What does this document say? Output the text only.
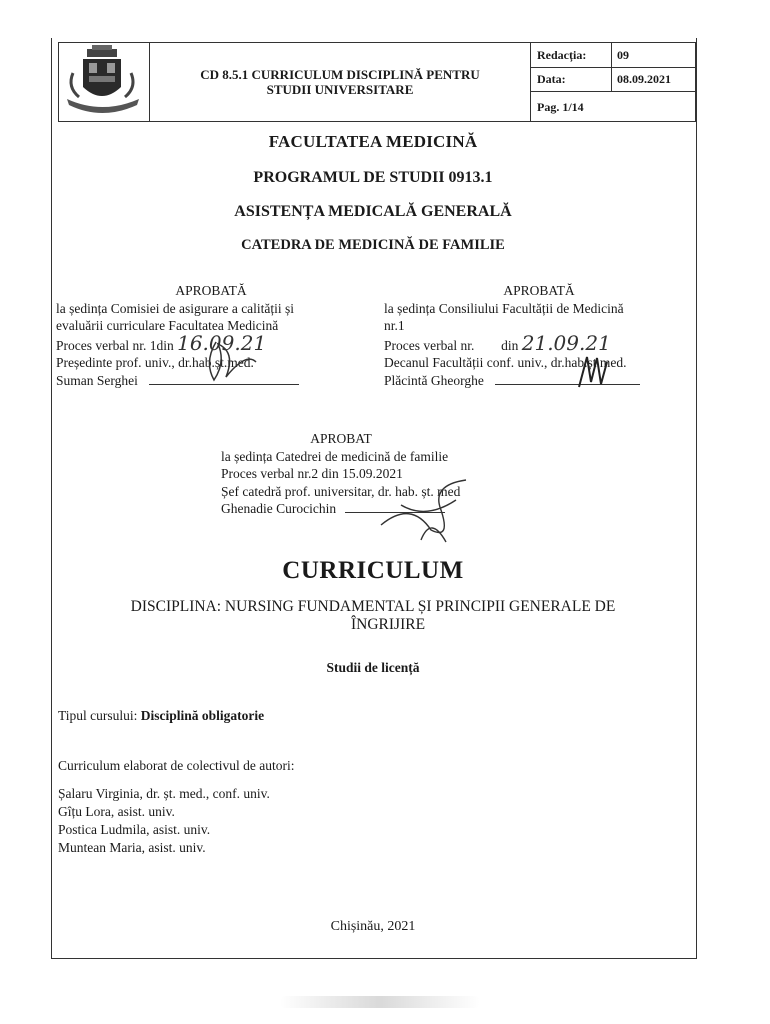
CD 8.5.1 CURRICULUM DISCIPLINĂ PENTRU
STUDII UNIVERSITARE
Redacția:	09
Data:	08.09.2021
Pag. 1/14
FACULTATEA MEDICINĂ
PROGRAMUL DE STUDII 0913.1
ASISTENȚA MEDICALĂ GENERALĂ
CATEDRA DE MEDICINĂ DE FAMILIE
APROBATĂ
la ședința Comisiei de asigurare a calității și
evaluării curriculare Facultatea Medicină
Proces verbal nr. 1din 16.09.21
Președinte prof. univ., dr.hab.șt.med.
Suman Serghei
APROBATĂ
la ședința Consiliului Facultății de Medicină
nr.1
Proces verbal nr. din 21.09.21
Decanul Facultății conf. univ., dr.hab.șt.med.
Plăcintă Gheorghe
APROBAT
la ședința Catedrei de medicină de familie
Proces verbal nr.2 din 15.09.2021
Șef catedră prof. universitar, dr. hab. șt. med
Ghenadie Curocichin
CURRICULUM
DISCIPLINA: NURSING FUNDAMENTAL ȘI PRINCIPII GENERALE DE
ÎNGRIJIRE
Studii de licență
Tipul cursului: Disciplină obligatorie
Curriculum elaborat de colectivul de autori:
Șalaru Virginia, dr. șt. med., conf. univ.
Gîțu Lora, asist. univ.
Postica Ludmila, asist. univ.
Muntean Maria, asist. univ.
Chișinău, 2021
